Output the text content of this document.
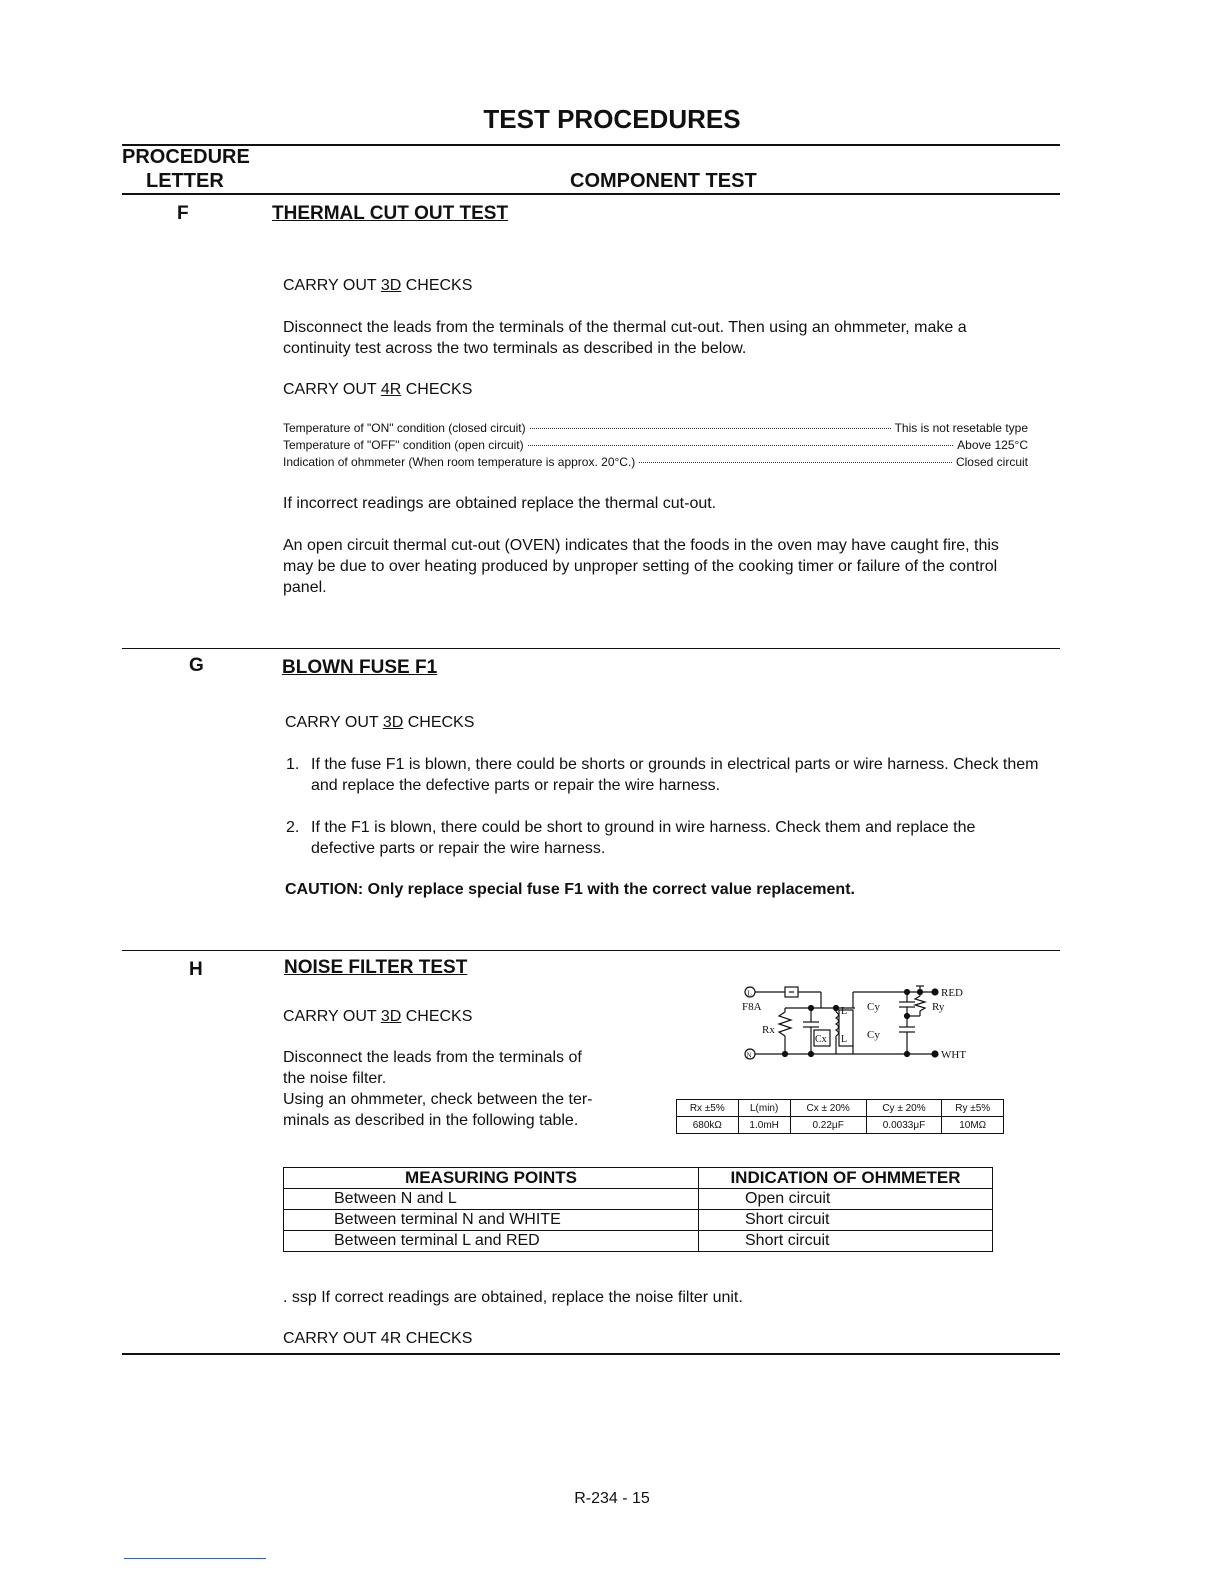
TEST PROCEDURES
PROCEDURE
LETTER	COMPONENT TEST
F	THERMAL CUT OUT TEST
CARRY OUT 3D CHECKS
Disconnect the leads from the terminals of the thermal cut-out. Then using an ohmmeter, make a
continuity test across the two terminals as described in the below.
CARRY OUT 4R CHECKS
Temperature of "ON" condition (closed circuit)	This is not resetable type
Temperature of "OFF" condition (open circuit)	Above 125°C
Indication of ohmmeter (When room temperature is approx. 20°C.)	Closed circuit
If incorrect readings are obtained replace the thermal cut-out.
An open circuit thermal cut-out (OVEN) indicates that the foods in the oven may have caught fire, this
may be due to over heating produced by unproper setting of the cooking timer or failure of the control
panel.
G	BLOWN FUSE F1
CARRY OUT 3D CHECKS
1. If the fuse F1 is blown, there could be shorts or grounds in electrical parts or wire harness. Check them
and replace the defective parts or repair the wire harness.
2. If the F1 is blown, there could be short to ground in wire harness. Check them and replace the
defective parts or repair the wire harness.
CAUTION: Only replace special fuse F1 with the correct value replacement.
H	NOISE FILTER TEST
CARRY OUT 3D CHECKS
Disconnect the leads from the terminals of
the noise filter.
Using an ohmmeter, check between the ter-
minals as described in the following table.
L
F8A
Rx
Cx
L
L
RED
Cy	Ry
Cy
N	WHT
Rx ±5%	L(min)	Cx ± 20%	Cy ± 20%	Ry ±5%
680kΩ	1.0mH	0.22μF	0.0033μF	10MΩ
MEASURING POINTS	INDICATION OF OHMMETER
Between N and L	Open circuit
Between terminal N and WHITE	Short circuit
Between terminal L and RED	Short circuit
. ssp If correct readings are obtained, replace the noise filter unit.
CARRY OUT 4R CHECKS
R-234 - 15
